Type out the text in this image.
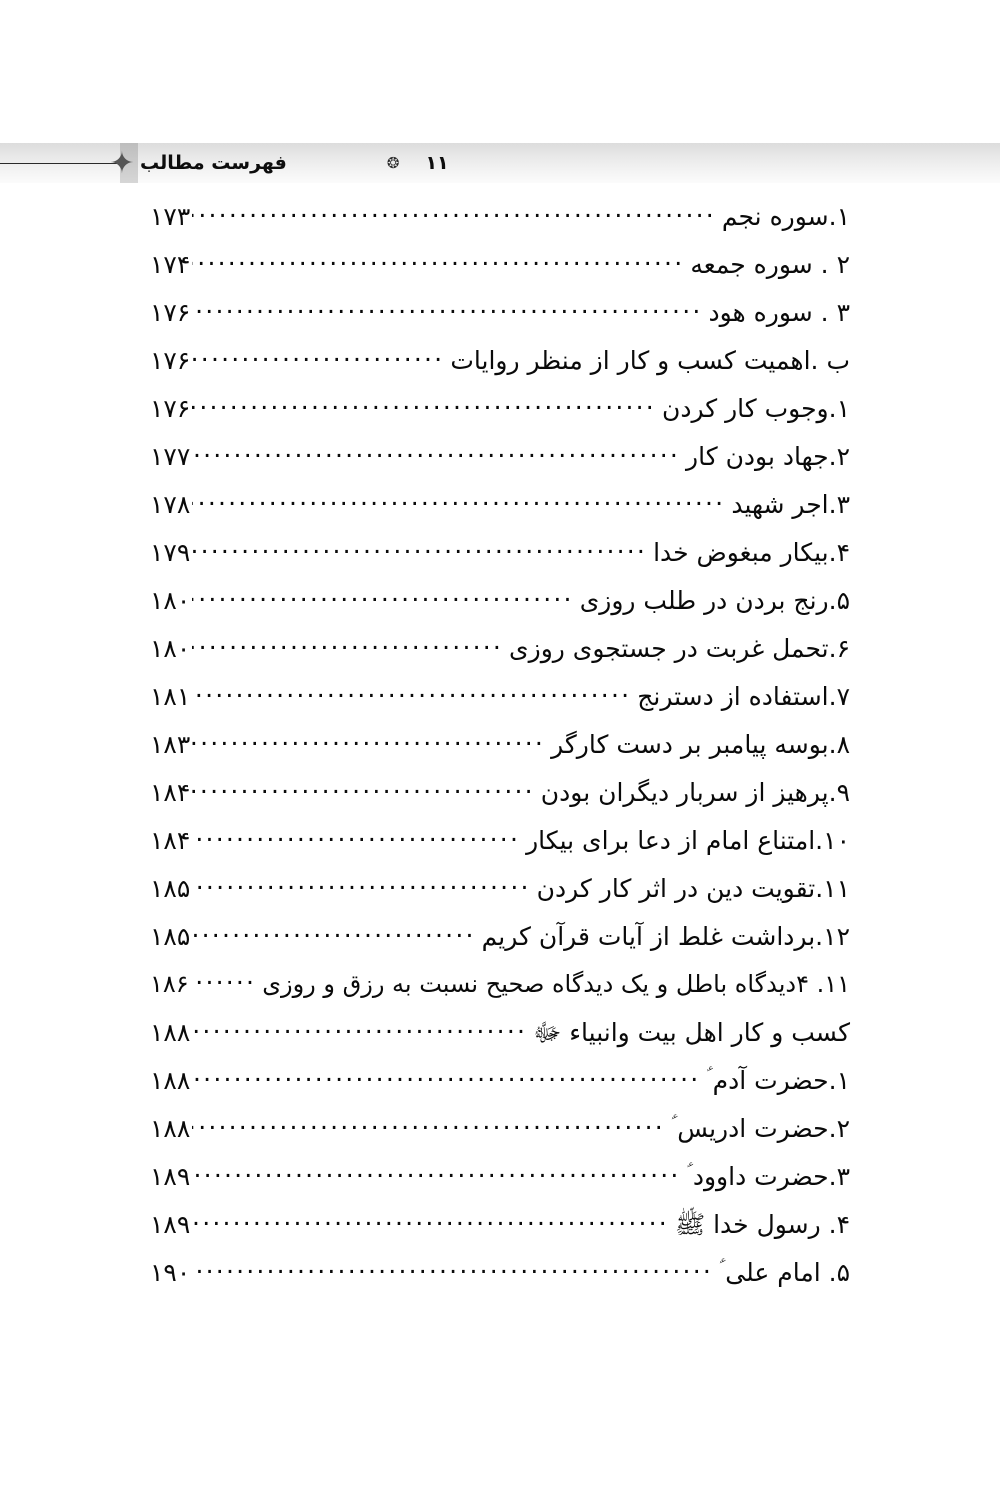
فهرست مطالب	❂ ۱۱
✦
۱.سوره نجم
.....
۱۷۳
۲ . سوره جمعه
.....
۱۷۴
۳ . سوره هود
.....
۱۷۶
ب .اهمیت کسب و کار از منظر روایات
.....
۱۷۶
۱.وجوب کار کردن
.....
۱۷۶
۲.جهاد بودن کار
.....
۱۷۷
۳.اجر شهید
.....
۱۷۸
۴.بیکار مبغوض خدا
.....
۱۷۹
۵.رنج بردن در طلب روزی
.....
۱۸۰
۶.تحمل غربت در جستجوی روزی
.....
۱۸۰
۷.استفاده از دسترنج
.....
۱۸۱
۸.بوسه پیامبر بر دست کارگر
.....
۱۸۳
۹.پرهیز از سربار دیگران بودن
.....
۱۸۴
۱۰.امتناع امام از دعا برای بیکار
.....
۱۸۴
۱۱.تقویت دین در اثر کار کردن
.....
۱۸۵
۱۲.برداشت غلط از آیات قرآن کریم
.....
۱۸۵
۱۱. ۴دیدگاه باطل و یک دیدگاه صحیح نسبت به رزق و روزی
.....
۱۸۶
کسب و کار اهل بیت وانبیاء ﷻ
.....
۱۸۸
۱.حضرت آدم ؑ
.....
۱۸۸
۲.حضرت ادریس ؑ
.....
۱۸۸
۳.حضرت داوود ؑ
.....
۱۸۹
۴. رسول خدا ﷺ
.....
۱۸۹
۵. امام علی ؑ
.....
۱۹۰
